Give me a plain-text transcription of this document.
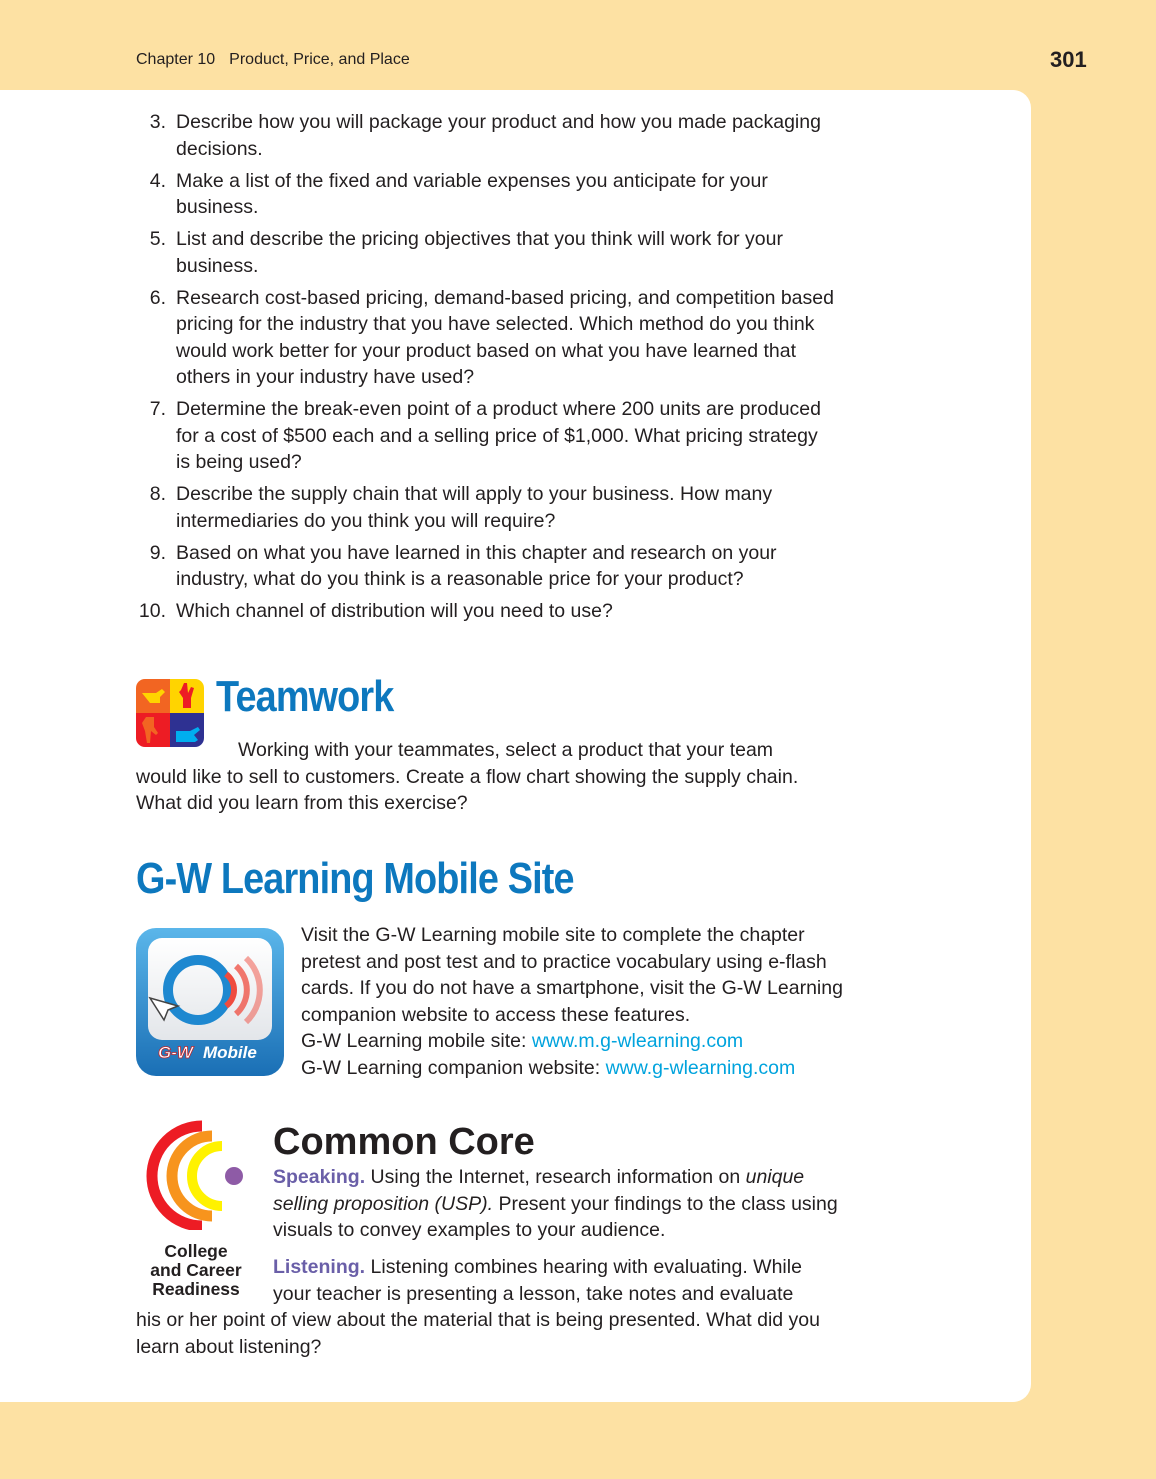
Chapter 10 Product, Price, and Place	301
3. Describe how you will package your product and how you made packaging decisions.
4. Make a list of the fixed and variable expenses you anticipate for your business.
5. List and describe the pricing objectives that you think will work for your business.
6. Research cost-based pricing, demand-based pricing, and competition based pricing for the industry that you have selected. Which method do you think would work better for your product based on what you have learned that others in your industry have used?
7. Determine the break-even point of a product where 200 units are produced for a cost of $500 each and a selling price of $1,000. What pricing strategy is being used?
8. Describe the supply chain that will apply to your business. How many intermediaries do you think you will require?
9. Based on what you have learned in this chapter and research on your industry, what do you think is a reasonable price for your product?
10. Which channel of distribution will you need to use?
Teamwork
Working with your teammates, select a product that your team would like to sell to customers. Create a flow chart showing the supply chain. What did you learn from this exercise?
G-W Learning Mobile Site
G-W Mobile
Visit the G-W Learning mobile site to complete the chapter pretest and post test and to practice vocabulary using e-flash cards. If you do not have a smartphone, visit the G-W Learning companion website to access these features.
G-W Learning mobile site: www.m.g-wlearning.com
G-W Learning companion website: www.g-wlearning.com
College
and Career
Readiness
Common Core
Speaking. Using the Internet, research information on unique selling proposition (USP). Present your findings to the class using visuals to convey examples to your audience.
Listening. Listening combines hearing with evaluating. While
your teacher is presenting a lesson, take notes and evaluate
his or her point of view about the material that is being presented. What did you learn about listening?
